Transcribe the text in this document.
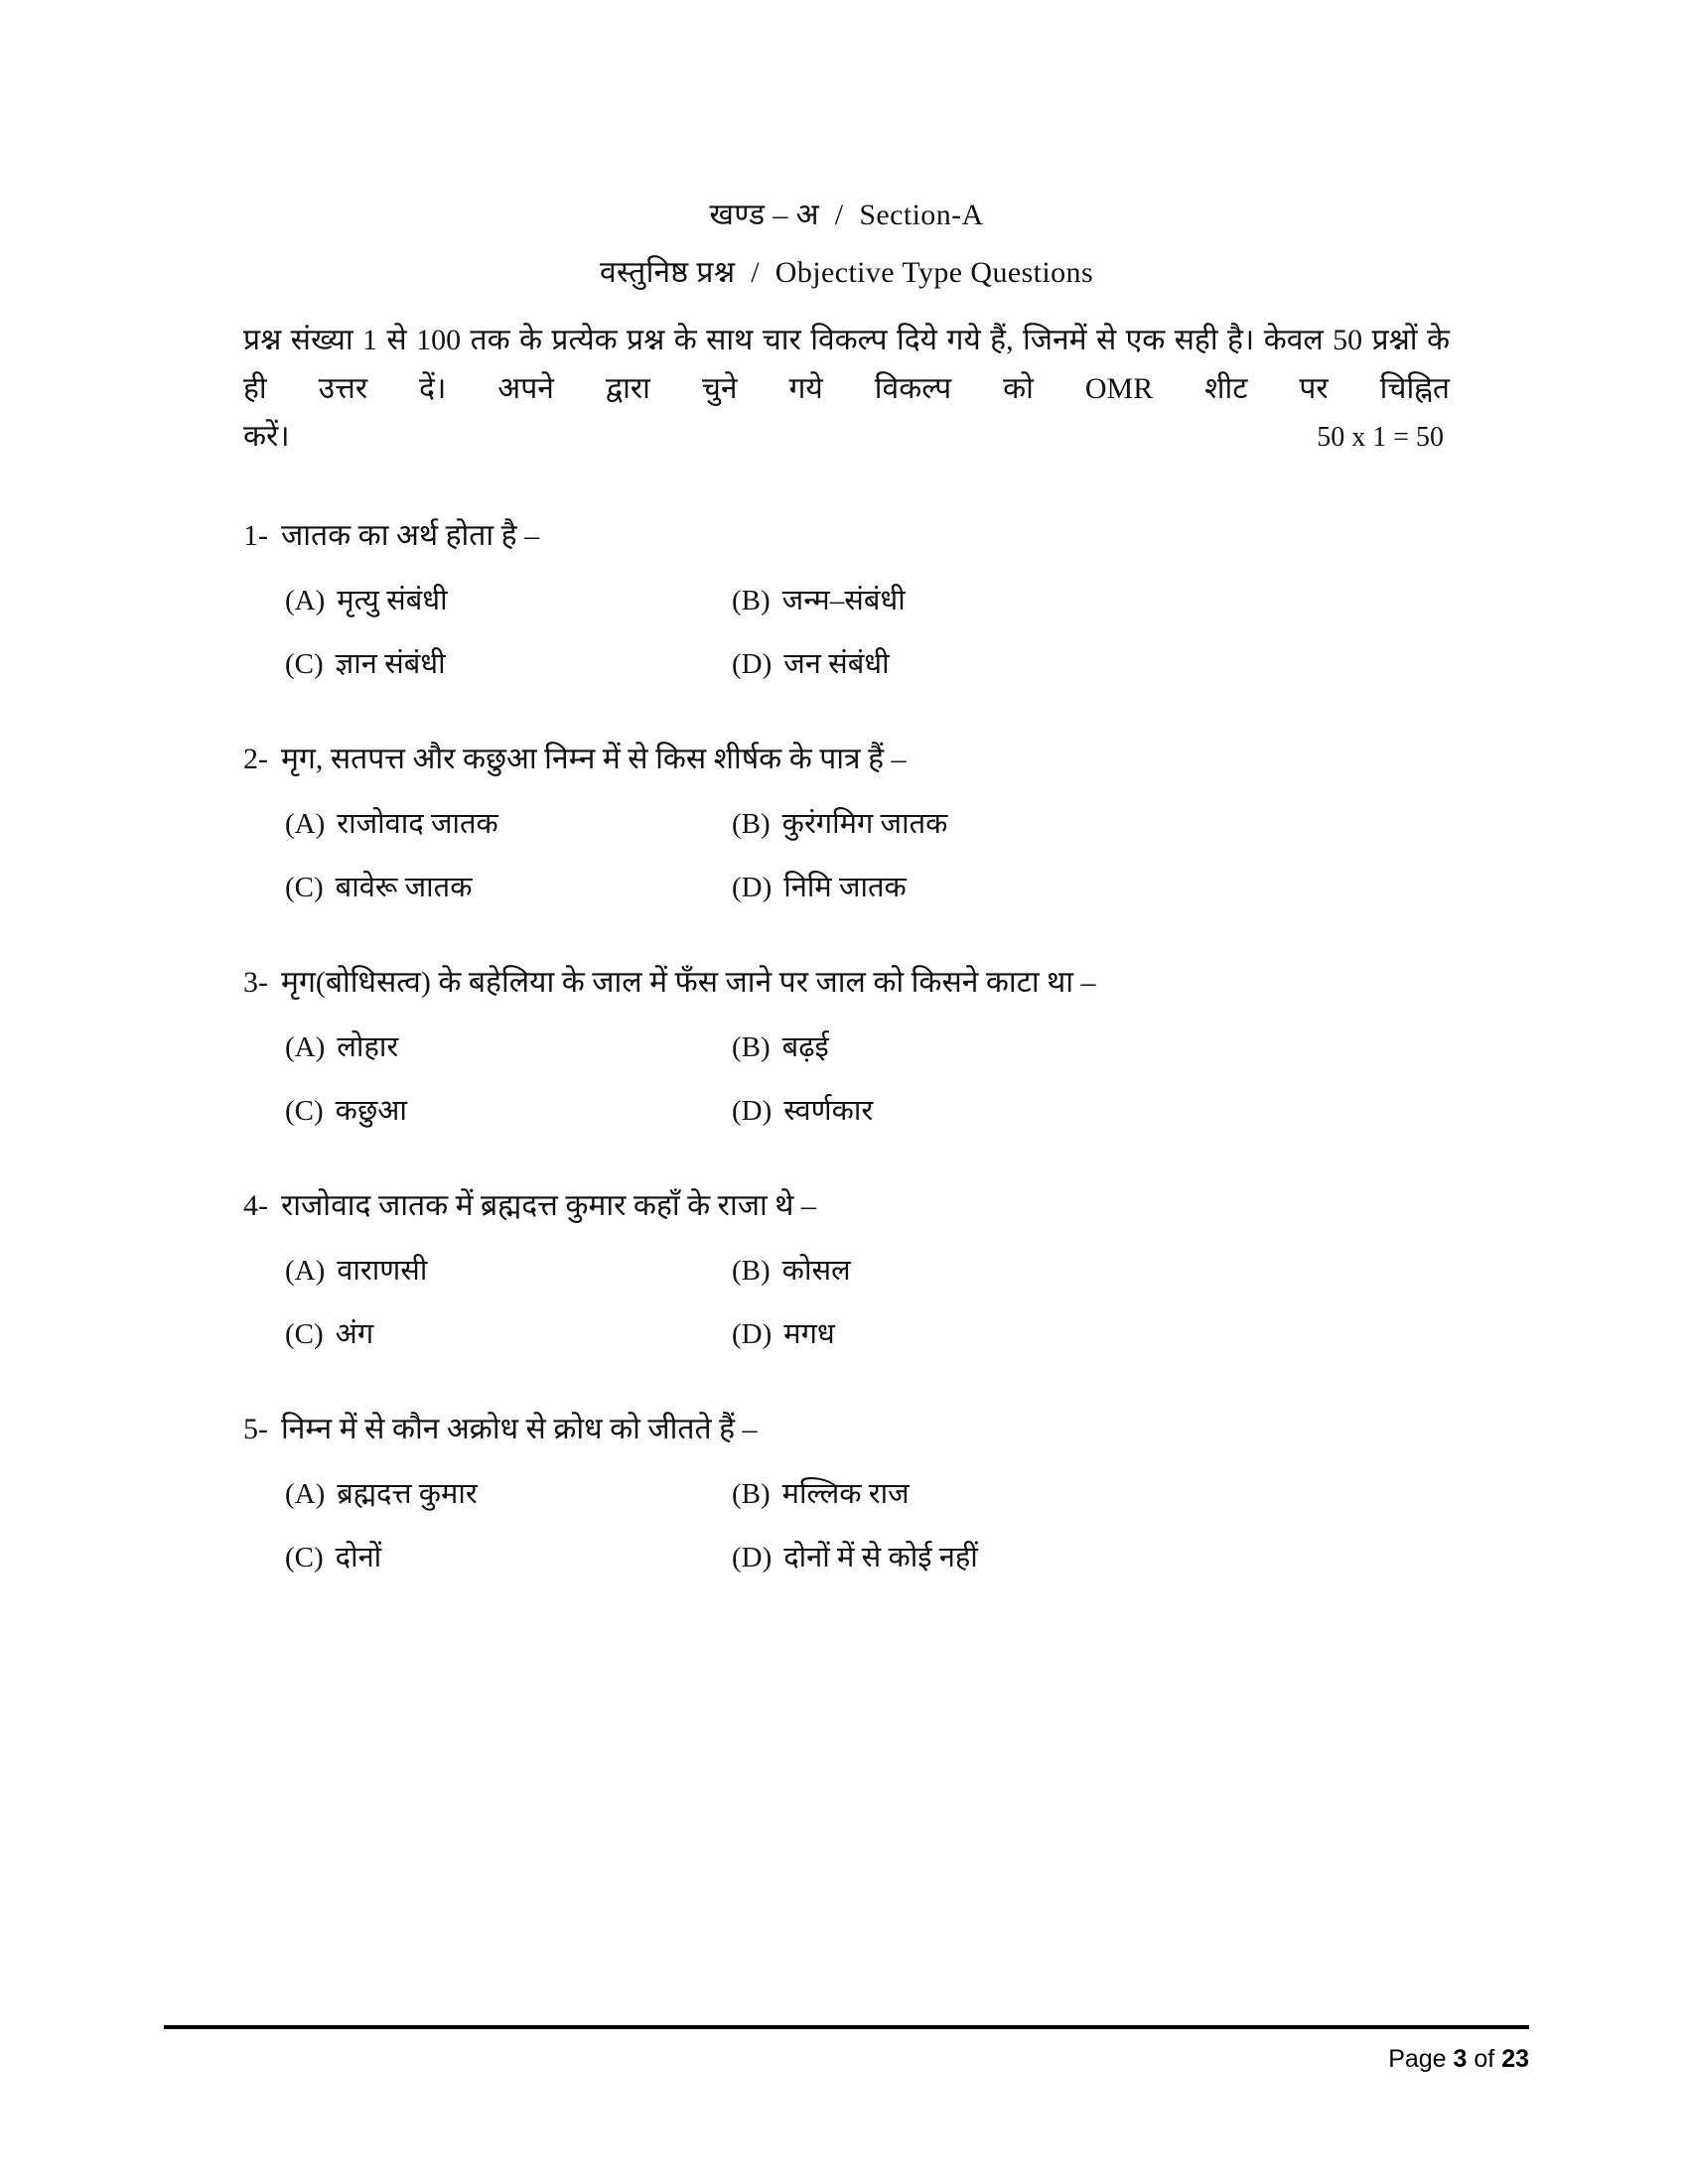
खण्ड – अ  /  Section-A
वस्तुनिष्ठ प्रश्न  /  Objective Type Questions
प्रश्न संख्या 1 से 100 तक के प्रत्येक प्रश्न के साथ चार विकल्प दिये गये हैं, जिनमें से एक सही है। केवल 50 प्रश्नों के ही उत्तर दें। अपने द्वारा चुने गये विकल्प को OMR शीट पर चिह्नित
करें।	50 x 1 = 50
1- जातक का अर्थ होता है –
(A) मृत्यु संबंधी	(B) जन्म–संबंधी
(C) ज्ञान संबंधी	(D) जन संबंधी
2- मृग, सतपत्त और कछुआ निम्न में से किस शीर्षक के पात्र हैं –
(A) राजोवाद जातक	(B) कुरंगमिग जातक
(C) बावेरू जातक	(D) निमि जातक
3- मृग(बोधिसत्व) के बहेलिया के जाल में फँस जाने पर जाल को किसने काटा था –
(A) लोहार	(B) बढ़ई
(C) कछुआ	(D) स्वर्णकार
4- राजोवाद जातक में ब्रह्मदत्त कुमार कहाँ के राजा थे –
(A) वाराणसी	(B) कोसल
(C) अंग	(D) मगध
5- निम्न में से कौन अक्रोध से क्रोध को जीतते हैं –
(A) ब्रह्मदत्त कुमार	(B) मल्लिक राज
(C) दोनों	(D) दोनों में से कोई नहीं
Page 3 of 23
